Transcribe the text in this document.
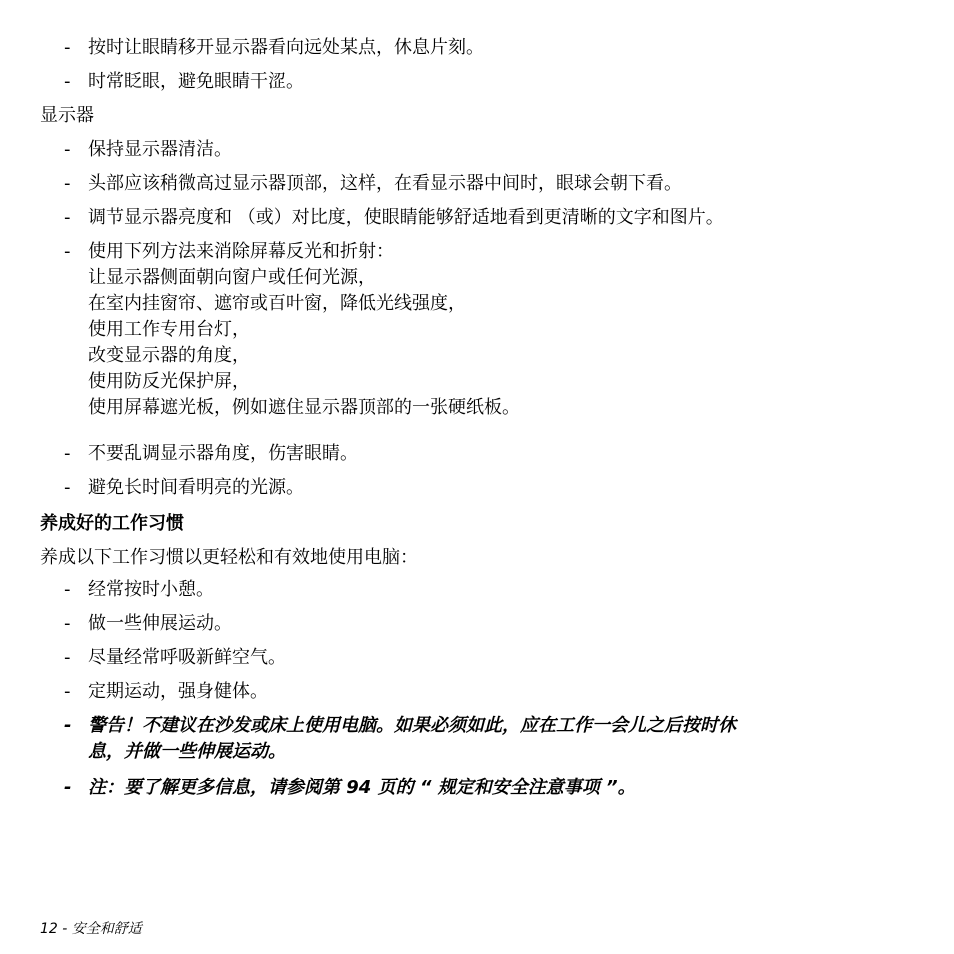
- 按时让眼睛移开显示器看向远处某点，休息片刻。
- 时常眨眼，避免眼睛干涩。
显示器
- 保持显示器清洁。
- 头部应该稍微高过显示器顶部，这样，在看显示器中间时，眼球会朝下看。
- 调节显示器亮度和 （或）对比度，使眼睛能够舒适地看到更清晰的文字和图片。
- 使用下列方法来消除屏幕反光和折射：
让显示器侧面朝向窗户或任何光源，
在室内挂窗帘、遮帘或百叶窗，降低光线强度，
使用工作专用台灯，
改变显示器的角度，
使用防反光保护屏，
使用屏幕遮光板，例如遮住显示器顶部的一张硬纸板。
- 不要乱调显示器角度，伤害眼睛。
- 避免长时间看明亮的光源。
养成好的工作习惯
养成以下工作习惯以更轻松和有效地使用电脑：
- 经常按时小憩。
- 做一些伸展运动。
- 尽量经常呼吸新鲜空气。
- 定期运动，强身健体。
- 警告！不建议在沙发或床上使用电脑。如果必须如此，应在工作一会儿之后按时休
息，并做一些伸展运动。
- 注：要了解更多信息，请参阅第 94 页的 “ 规定和安全注意事项 ”。
12 - 安全和舒适
